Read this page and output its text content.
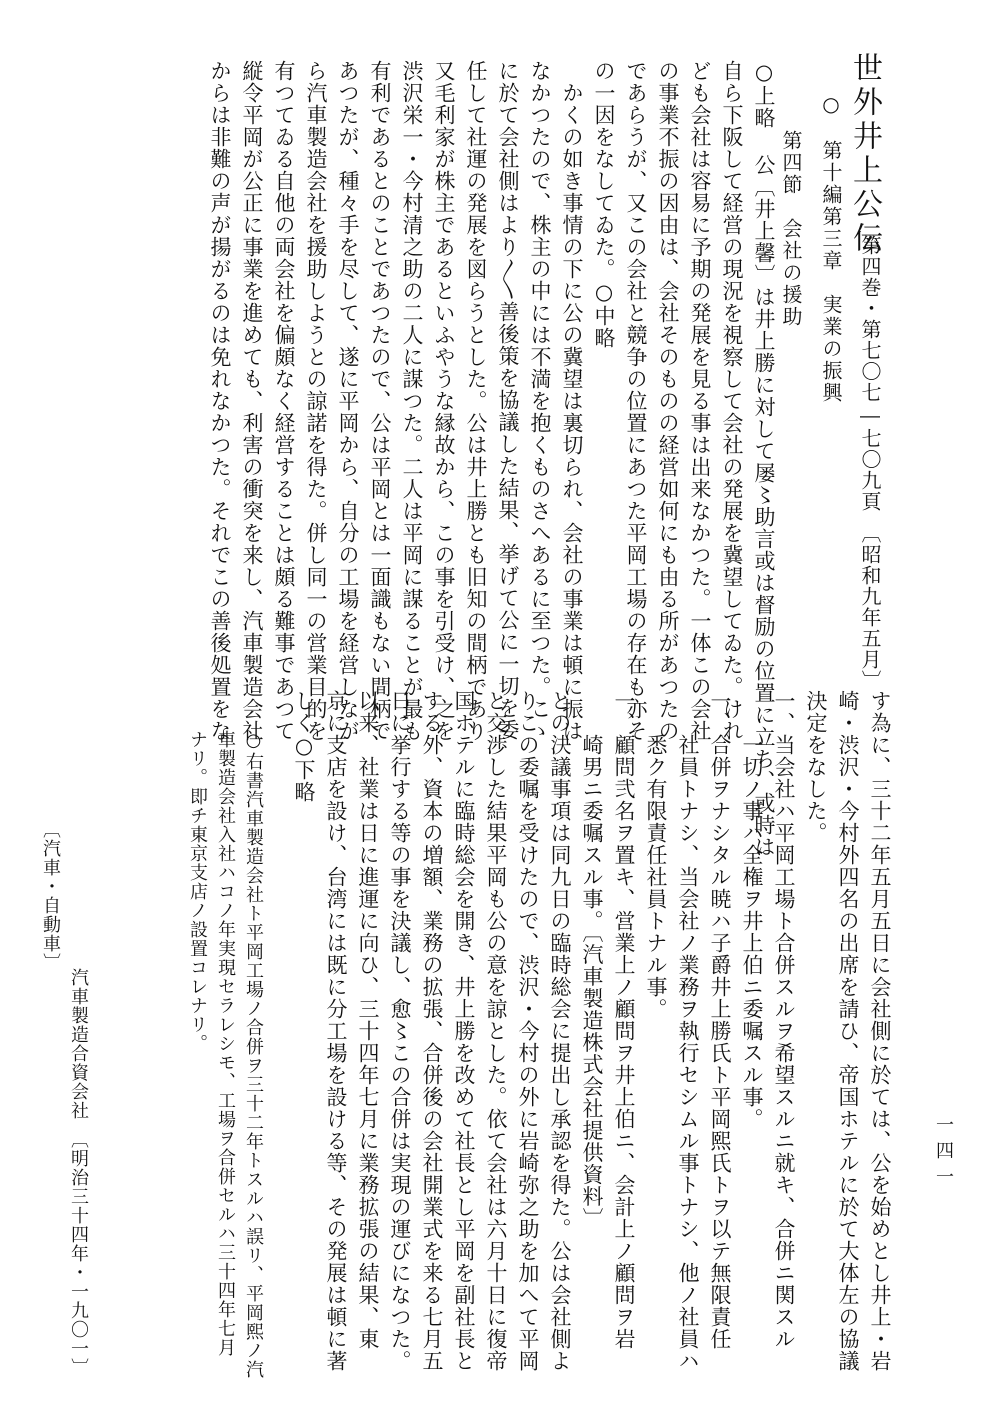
世外井上公伝
第四巻・第七〇七―七〇九頁　〔昭和九年五月〕
○　第十編第三章　実業の振興
第四節　会社の援助
○上略 公〔井上馨〕は井上勝に対して屡〻助言或は督励の位置に立ち、或時は
自ら下阪して経営の現況を視察して会社の発展を冀望してゐた。けれ
ども会社は容易に予期の発展を見る事は出来なかつた。一体この会社
の事業不振の因由は、会社そのものの経営如何にも由る所があつたの
であらうが、又この会社と競争の位置にあつた平岡工場の存在も亦そ
の一因をなしてゐた。○中略
　かくの如き事情の下に公の冀望は裏切られ、会社の事業は頓に振は
なかつたので、株主の中には不満を抱くものさへあるに至つた。こゝ
に於て会社側はより〳〵善後策を協議した結果、挙げて公に一切を委
任して社運の発展を図らうとした。公は井上勝とも旧知の間柄であり
又毛利家が株主であるといふやうな縁故から、この事を引受け、之を
渋沢栄一・今村清之助の二人に謀つた。二人は平岡に謀ることが最も
有利であるとのことであつたので、公は平岡とは一面識もない間柄で
あつたが、種々手を尽して、遂に平岡から、自分の工場を経営しなが
ら汽車製造会社を援助しようとの諒諾を得た。併し同一の営業目的を
有つてゐる自他の両会社を偏頗なく経営することは頗る難事であつて
縦令平岡が公正に事業を進めても、利害の衝突を来し、汽車製造会社
からは非難の声が揚がるのは免れなかつた。それでこの善後処置をな
す為に、三十二年五月五日に会社側に於ては、公を始めとし井上・岩
崎・渋沢・今村外四名の出席を請ひ、帝国ホテルに於て大体左の協議
決定をなした。
一、当会社ハ平岡工場ト合併スルヲ希望スルニ就キ、合併ニ関スル
　　一切ノ事ハ全権ヲ井上伯ニ委嘱スル事。
一、合併ヲナシタル暁ハ子爵井上勝氏ト平岡熙氏トヲ以テ無限責任
　　社員トナシ、当会社ノ業務ヲ執行セシムル事トナシ、他ノ社員ハ
　　悉ク有限責任社員トナル事。
一、顧問弐名ヲ置キ、営業上ノ顧問ヲ井上伯ニ、会計上ノ顧問ヲ岩
　　崎男ニ委嘱スル事。〔汽車製造株式会社提供資料〕
との決議事項は同九日の臨時総会に提出し承認を得た。公は会社側よ
りこの委嘱を受けたので、渋沢・今村の外に岩崎弥之助を加へて平岡
と交渉した結果平岡も公の意を諒とした。依て会社は六月十日に復帝
国ホテルに臨時総会を開き、井上勝を改めて社長とし平岡を副社長と
する外、資本の増額、業務の拡張、合併後の会社開業式を来る七月五
日に挙行する等の事を決議し、愈〻この合併は実現の運びになつた。
以来、社業は日に進運に向ひ、三十四年七月に業務拡張の結果、東
京に支店を設け、台湾には既に分工場を設ける等、その発展は頓に著
しく○下略
○右書汽車製造会社ト平岡工場ノ合併ヲ三十二年トスルハ誤リ、平岡熙ノ汽
車製造会社入社ハコノ年実現セラレシモ、工場ヲ合併セルハ三十四年七月
ナリ。即チ東京支店ノ設置コレナリ。
〔汽車・自動車〕
汽車製造合資会社　〔明治三十四年・一九〇一〕	一四一
